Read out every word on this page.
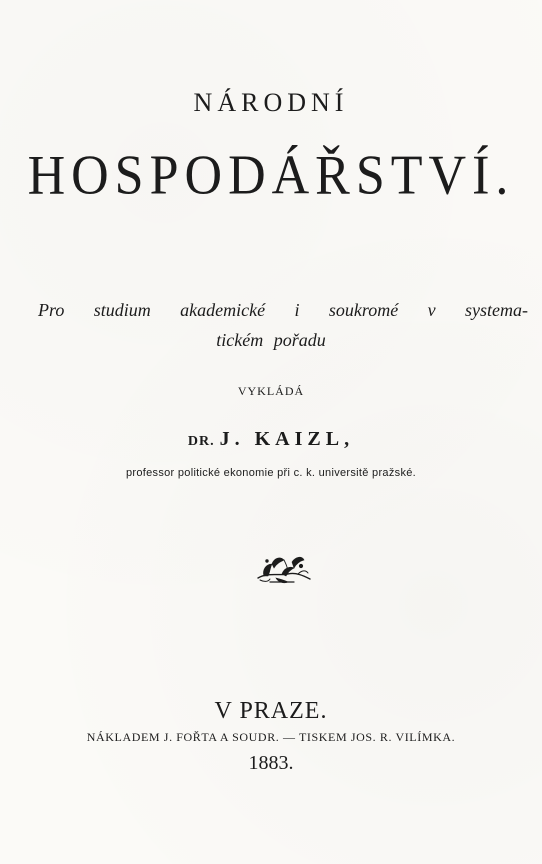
NÁRODNÍ
HOSPODÁŘSTVÍ.
Pro studium akademické i soukromé v systema-
tickém pořadu
VYKLÁDÁ
DR. J. KAIZL,
professor politické ekonomie při c. k. universitě pražské.
V PRAZE.
NÁKLADEM J. FOŘTA A SOUDR. — TISKEM JOS. R. VILÍMKA.
1883.
